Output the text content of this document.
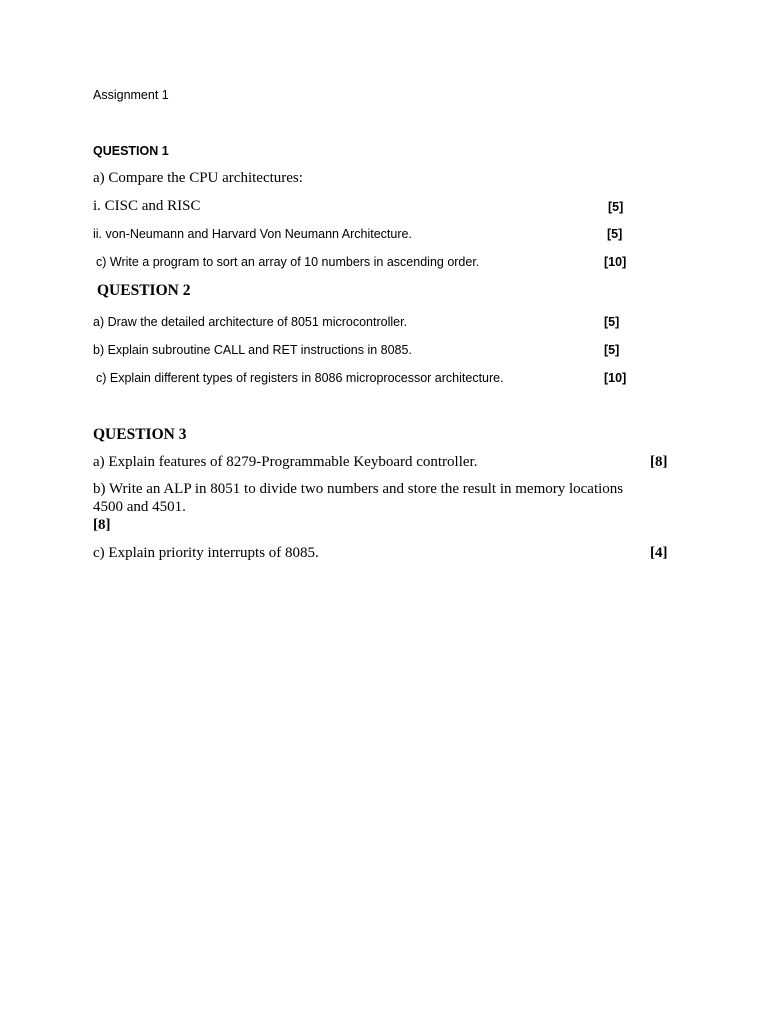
Assignment 1
QUESTION 1
a) Compare the CPU architectures:
i. CISC and RISC	[5]
ii. von-Neumann and Harvard Von Neumann Architecture.	[5]
c) Write a program to sort an array of 10 numbers in ascending order.	[10]
QUESTION 2
a) Draw the detailed architecture of 8051 microcontroller.	[5]
b) Explain subroutine CALL and RET instructions in 8085.	[5]
c) Explain different types of registers in 8086 microprocessor architecture.	[10]
QUESTION 3
a) Explain features of 8279-Programmable Keyboard controller.	[8]
b) Write an ALP in 8051 to divide two numbers and store the result in memory locations
4500 and 4501.
[8]
c) Explain priority interrupts of 8085.	[4]
